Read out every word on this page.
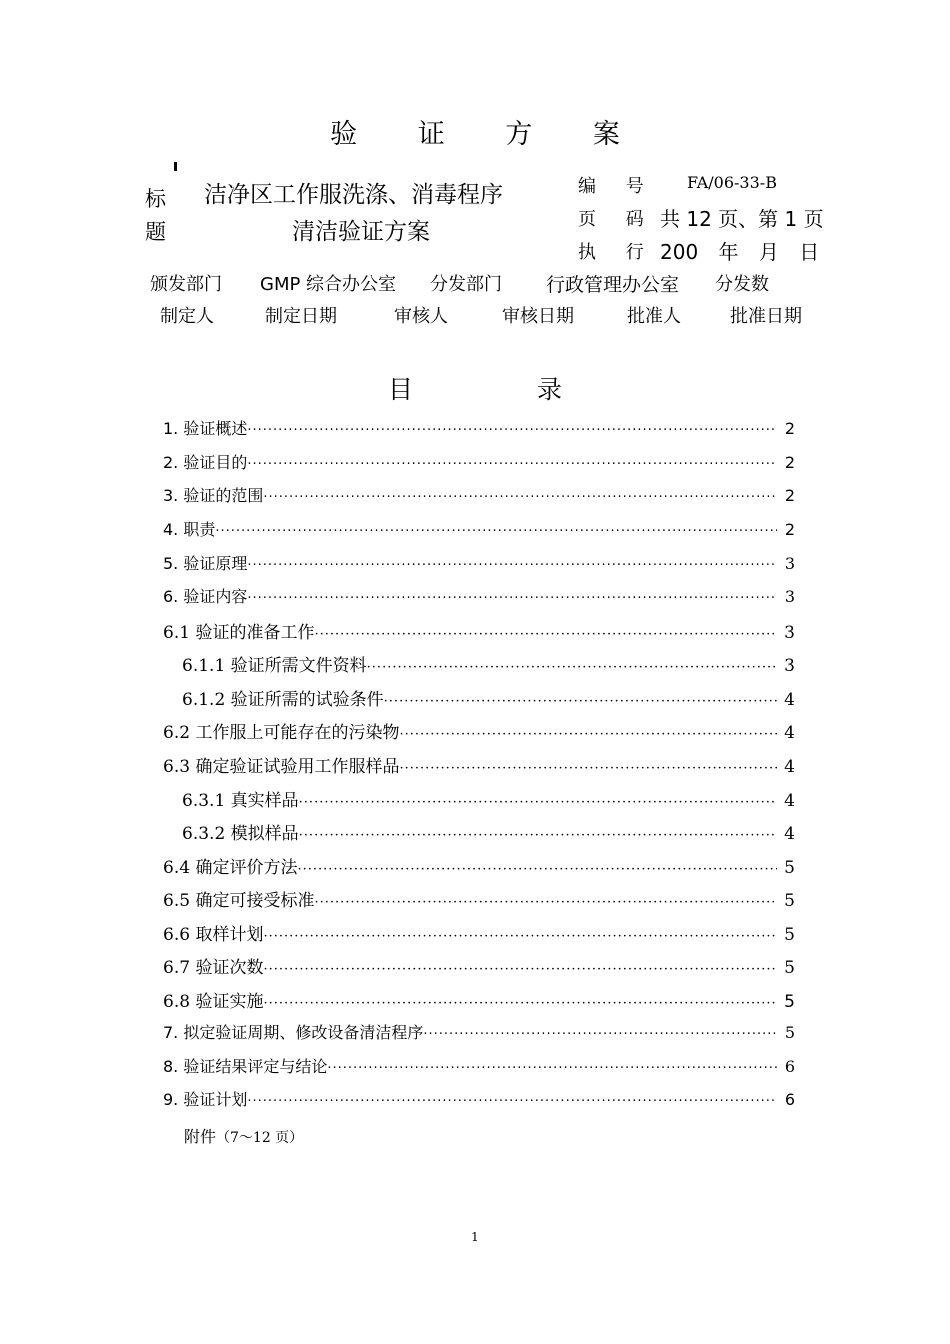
验 证 方 案
标
题
洁净区工作服洗涤、消毒程序
清洁验证方案
编 号 FA/06-33-B
页 码 共 12 页、第 1 页
执 行 200 年 月 日
颁发部门 GMP 综合办公室 分发部门 行政管理办公室 分发数
制定人	制定日期	审核人	审核日期	批准人	批准日期
目 录
1. 验证概述 ·····	2
2. 验证目的 ·····	2
3. 验证的范围 ·····	2
4. 职责 ·····	2
5. 验证原理 ·····	3
6. 验证内容 ·····	3
6.1 验证的准备工作 ·····	3
6.1.1 验证所需文件资料 ·····	3
6.1.2 验证所需的试验条件 ·····	4
6.2 工作服上可能存在的污染物 ·····	4
6.3 确定验证试验用工作服样品 ·····	4
6.3.1 真实样品 ·····	4
6.3.2 模拟样品 ·····	4
6.4 确定评价方法 ·····	5
6.5 确定可接受标准 ·····	5
6.6 取样计划 ·····	5
6.7 验证次数 ·····	5
6.8 验证实施 ·····	5
7. 拟定验证周期、修改设备清洁程序 ·····	5
8. 验证结果评定与结论 ·····	6
9. 验证计划 ·····	6
附件（7～12 页）
1
